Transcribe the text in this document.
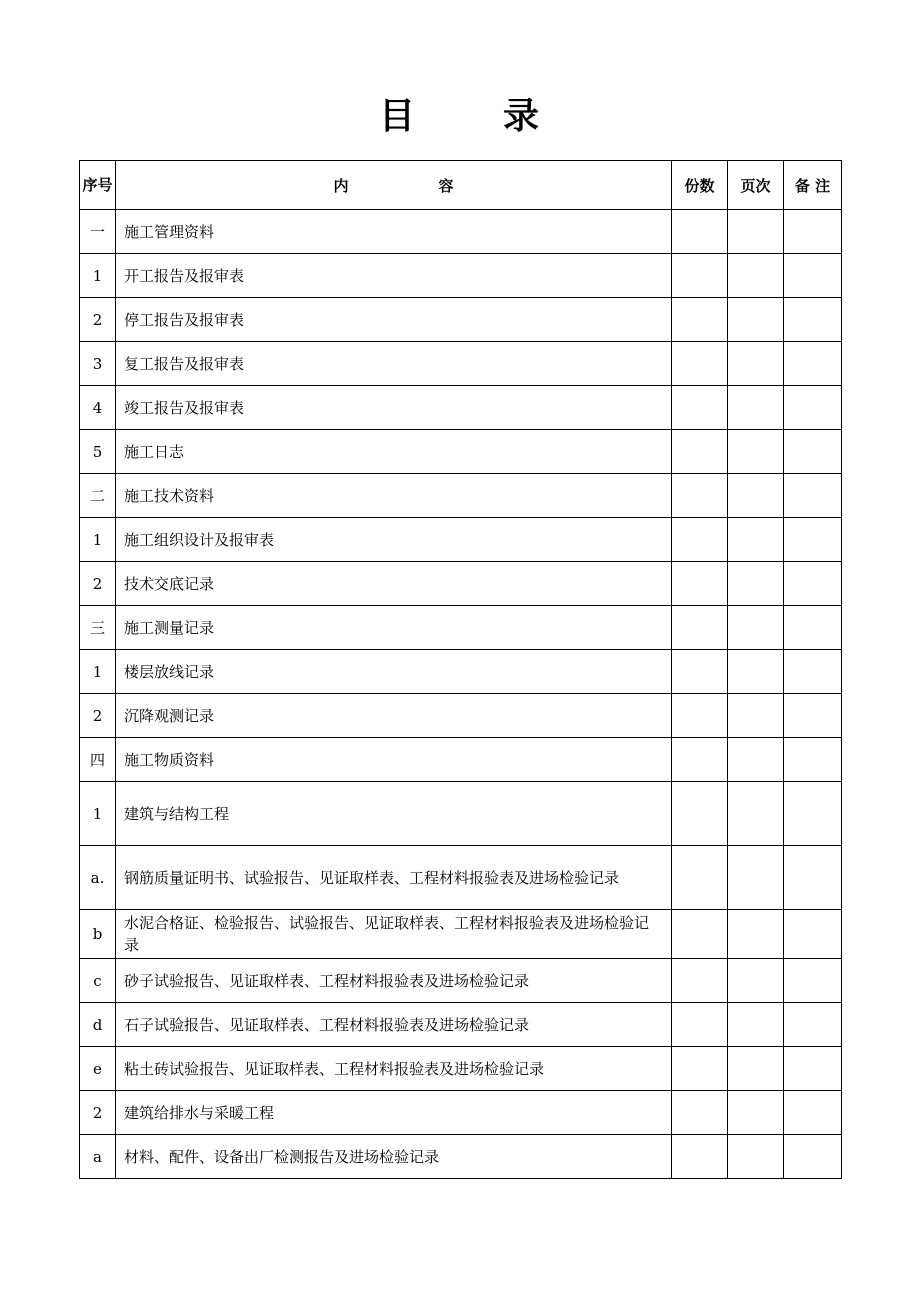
目 录
序号	内 容	份数	页次	备 注
一	施工管理资料			
1	开工报告及报审表			
2	停工报告及报审表			
3	复工报告及报审表			
4	竣工报告及报审表			
5	施工日志			
二	施工技术资料			
1	施工组织设计及报审表			
2	技术交底记录			
三	施工测量记录			
1	楼层放线记录			
2	沉降观测记录			
四	施工物质资料			
1	建筑与结构工程			
a.	钢筋质量证明书、试验报告、见证取样表、工程材料报验表及进场检验记录			
b	水泥合格证、检验报告、试验报告、见证取样表、工程材料报验表及进场检验记录			
c	砂子试验报告、见证取样表、工程材料报验表及进场检验记录			
d	石子试验报告、见证取样表、工程材料报验表及进场检验记录			
e	粘土砖试验报告、见证取样表、工程材料报验表及进场检验记录			
2	建筑给排水与采暖工程			
a	材料、配件、设备出厂检测报告及进场检验记录			
